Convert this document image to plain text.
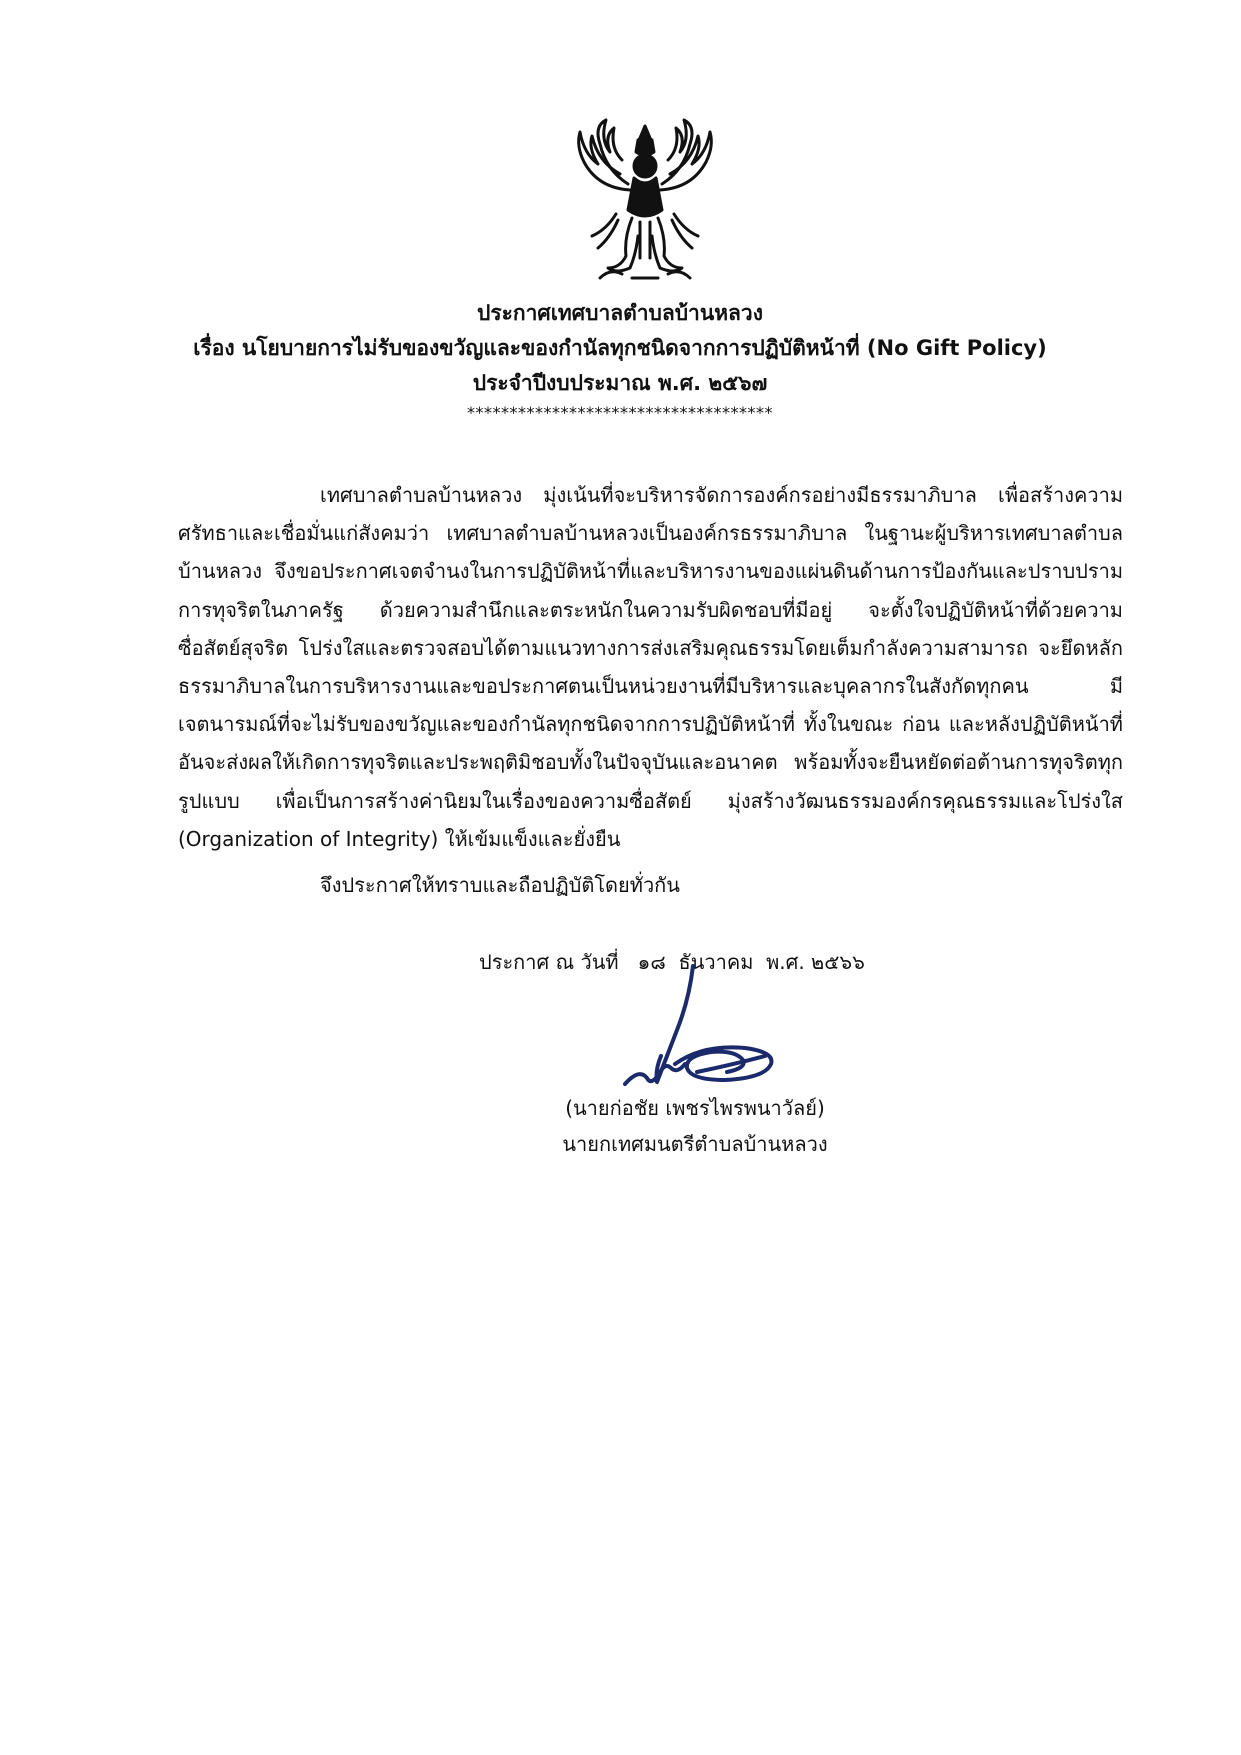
ประกาศเทศบาลตำบลบ้านหลวง
เรื่อง นโยบายการไม่รับของขวัญและของกำนัลทุกชนิดจากการปฏิบัติหน้าที่ (No Gift Policy)
ประจำปีงบประมาณ พ.ศ. ๒๕๖๗
************************************

เทศบาลตำบลบ้านหลวง มุ่งเน้นที่จะบริหารจัดการองค์กรอย่างมีธรรมาภิบาล เพื่อสร้างความศรัทธาและเชื่อมั่นแก่สังคมว่า เทศบาลตำบลบ้านหลวงเป็นองค์กรธรรมาภิบาล ในฐานะผู้บริหารเทศบาลตำบลบ้านหลวง จึงขอประกาศเจตจำนงในการปฏิบัติหน้าที่และบริหารงานของแผ่นดินด้านการป้องกันและปราบปรามการทุจริตในภาครัฐ ด้วยความสำนึกและตระหนักในความรับผิดชอบที่มีอยู่ จะตั้งใจปฏิบัติหน้าที่ด้วยความซื่อสัตย์สุจริต โปร่งใสและตรวจสอบได้ตามแนวทางการส่งเสริมคุณธรรมโดยเต็มกำลังความสามารถ จะยึดหลักธรรมาภิบาลในการบริหารงานและขอประกาศตนเป็นหน่วยงานที่มีบริหารและบุคลากรในสังกัดทุกคน มีเจตนารมณ์ที่จะไม่รับของขวัญและของกำนัลทุกชนิดจากการปฏิบัติหน้าที่ ทั้งในขณะ ก่อน และหลังปฏิบัติหน้าที่ อันจะส่งผลให้เกิดการทุจริตและประพฤติมิชอบทั้งในปัจจุบันและอนาคต พร้อมทั้งจะยืนหยัดต่อต้านการทุจริตทุกรูปแบบ เพื่อเป็นการสร้างค่านิยมในเรื่องของความซื่อสัตย์ มุ่งสร้างวัฒนธรรมองค์กรคุณธรรมและโปร่งใส (Organization of Integrity) ให้เข้มแข็งและยั่งยืน

จึงประกาศให้ทราบและถือปฏิบัติโดยทั่วกัน
ประกาศ ณ วันที่   ๑๘  ธันวาคม  พ.ศ. ๒๕๖๖
(นายก่อชัย เพชรไพรพนาวัลย์)
นายกเทศมนตรีตำบลบ้านหลวง
